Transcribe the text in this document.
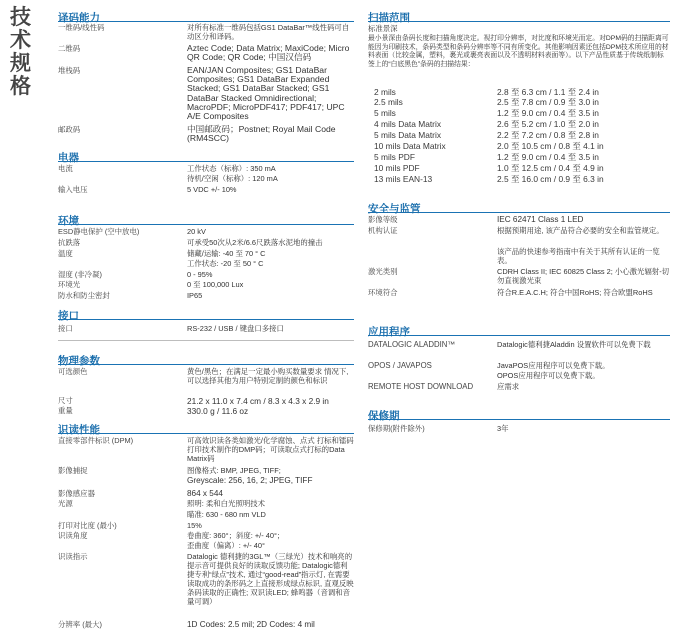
技
术
规
格
译码能力
一维码/线性码	对所有标准一维码包括GS1 DataBar™线性码可自动区分和译码。
二维码	Aztec Code; Data Matrix; MaxiCode; Micro QR Code; QR Code; 中国汉信码
堆栈码	EAN/JAN Composites; GS1 DataBar Composites; GS1 DataBar Expanded Stacked; GS1 DataBar Stacked; GS1 DataBar Stacked Omnidirectional; MacroPDF; MicroPDF417; PDF417; UPC A/E Composites
邮政码	中国邮政码；Postnet; Royal Mail Code (RM4SCC)
电器
电流	工作状态（标称）: 350 mA
待机/空闲（标称）: 120 mA
输入电压	5 VDC +/- 10%
环境
ESD静电保护 (空中放电)	20 kV
抗跌落	可承受50次从2米/6.6尺跌落水泥地的撞击
温度	储藏/运输: -40 至 70 ° C
工作状态: -20 至 50 ° C
湿度 (非冷凝)	0 - 95%
环境光	0 至 100,000 Lux
防水和防尘密封	IP65
接口
接口	RS-232 / USB / 键盘口多接口
物理参数
可选颜色	黄色/黑色；在满足一定最小购买数量要求 情况下, 可以选择其他为用户特别定制的颜色和标识
尺寸	21.2 x 11.0 x 7.4 cm / 8.3 x 4.3 x 2.9 in
重量	330.0 g / 11.6 oz
识读性能
直接零部件标识 (DPM)	可高效识读各类如激光/化学腐蚀、点式 打标和镭码打印技术制作的DMP码；可读取点式打标的Data Matrix码
影像捕捉	图像格式: BMP, JPEG, TIFF;
Greyscale: 256, 16, 2; JPEG, TIFF
影像感应器	864 x 544
光源	照明: 柔和白光照明技术
瞄准: 630 - 680 nm VLD
打印对比度 (最小)	15%
识读角度	卷曲度: 360°；斜度: +/- 40°；
歪曲度（偏离）: +/- 40°
识读指示	Datalogic 德利捷的3GL™（三绿光）技术和响亮的提示音可提供良好的读取反馈功能; Datalogic德利捷专利“绿点”技术, 通过“good-read”指示灯, 在需要读取成功的条形码之上直接形成绿点标识, 直观反映条码读取的正确性; 双识读LED; 蜂鸣器（音调和音量可调）
分辨率 (最大)	1D Codes: 2.5 mil; 2D Codes: 4 mil
扫描范围
标准景深
最小景深由条码长度和扫描角度决定。视打印分辨率，对比度和环境光而定。对DPM码的扫描距离可能因为印刷技术，条码类型和条码分辨率等不同有所变化。其他影响因素还包括DPM技术所应用的材料表面（比较金属，塑料，裹光或裹亮表面以及不透明材料表面等）。以下产品性质基于传统纸制标签上的“白底黑色”条码的扫描结果：
2 mils	2.8 至 6.3 cm / 1.1 至 2.4 in
2.5 mils	2.5 至 7.8 cm / 0.9 至 3.0 in
5 mils	1.2 至 9.0 cm / 0.4 至 3.5 in
4 mils Data Matrix	2.6 至 5.2 cm / 1.0 至 2.0 in
5 mils Data Matrix	2.2 至 7.2 cm / 0.8 至 2.8 in
10 mils Data Matrix	2.0 至 10.5 cm / 0.8 至 4.1 in
5 mils PDF	1.2 至 9.0 cm / 0.4 至 3.5 in
10 mils PDF	1.0 至 12.5 cm / 0.4 至 4.9 in
13 mils EAN-13	2.5 至 16.0 cm / 0.9 至 6.3 in
安全与监管
影像等级	IEC 62471 Class 1 LED
机构认证	根据预期用途, 该产品符合必要的安全和监管规定。
该产品的快速参考指南中有关于其所有认证的一览表。
激光类别	CDRH Class II; IEC 60825 Class 2; 小心激光辐射-切勿直视激光束
环境符合	符合R.E.A.C.H; 符合中国RoHS; 符合欧盟RoHS
应用程序
DATALOGIC ALADDIN™	Datalogic德利捷Aladdin 设置软件可以免费下载
OPOS / JAVAPOS	JavaPOS应用程序可以免费下载。
OPOS应用程序可以免费下载。
REMOTE HOST DOWNLOAD	应需求
保修期
保修期(附件除外)	3年
